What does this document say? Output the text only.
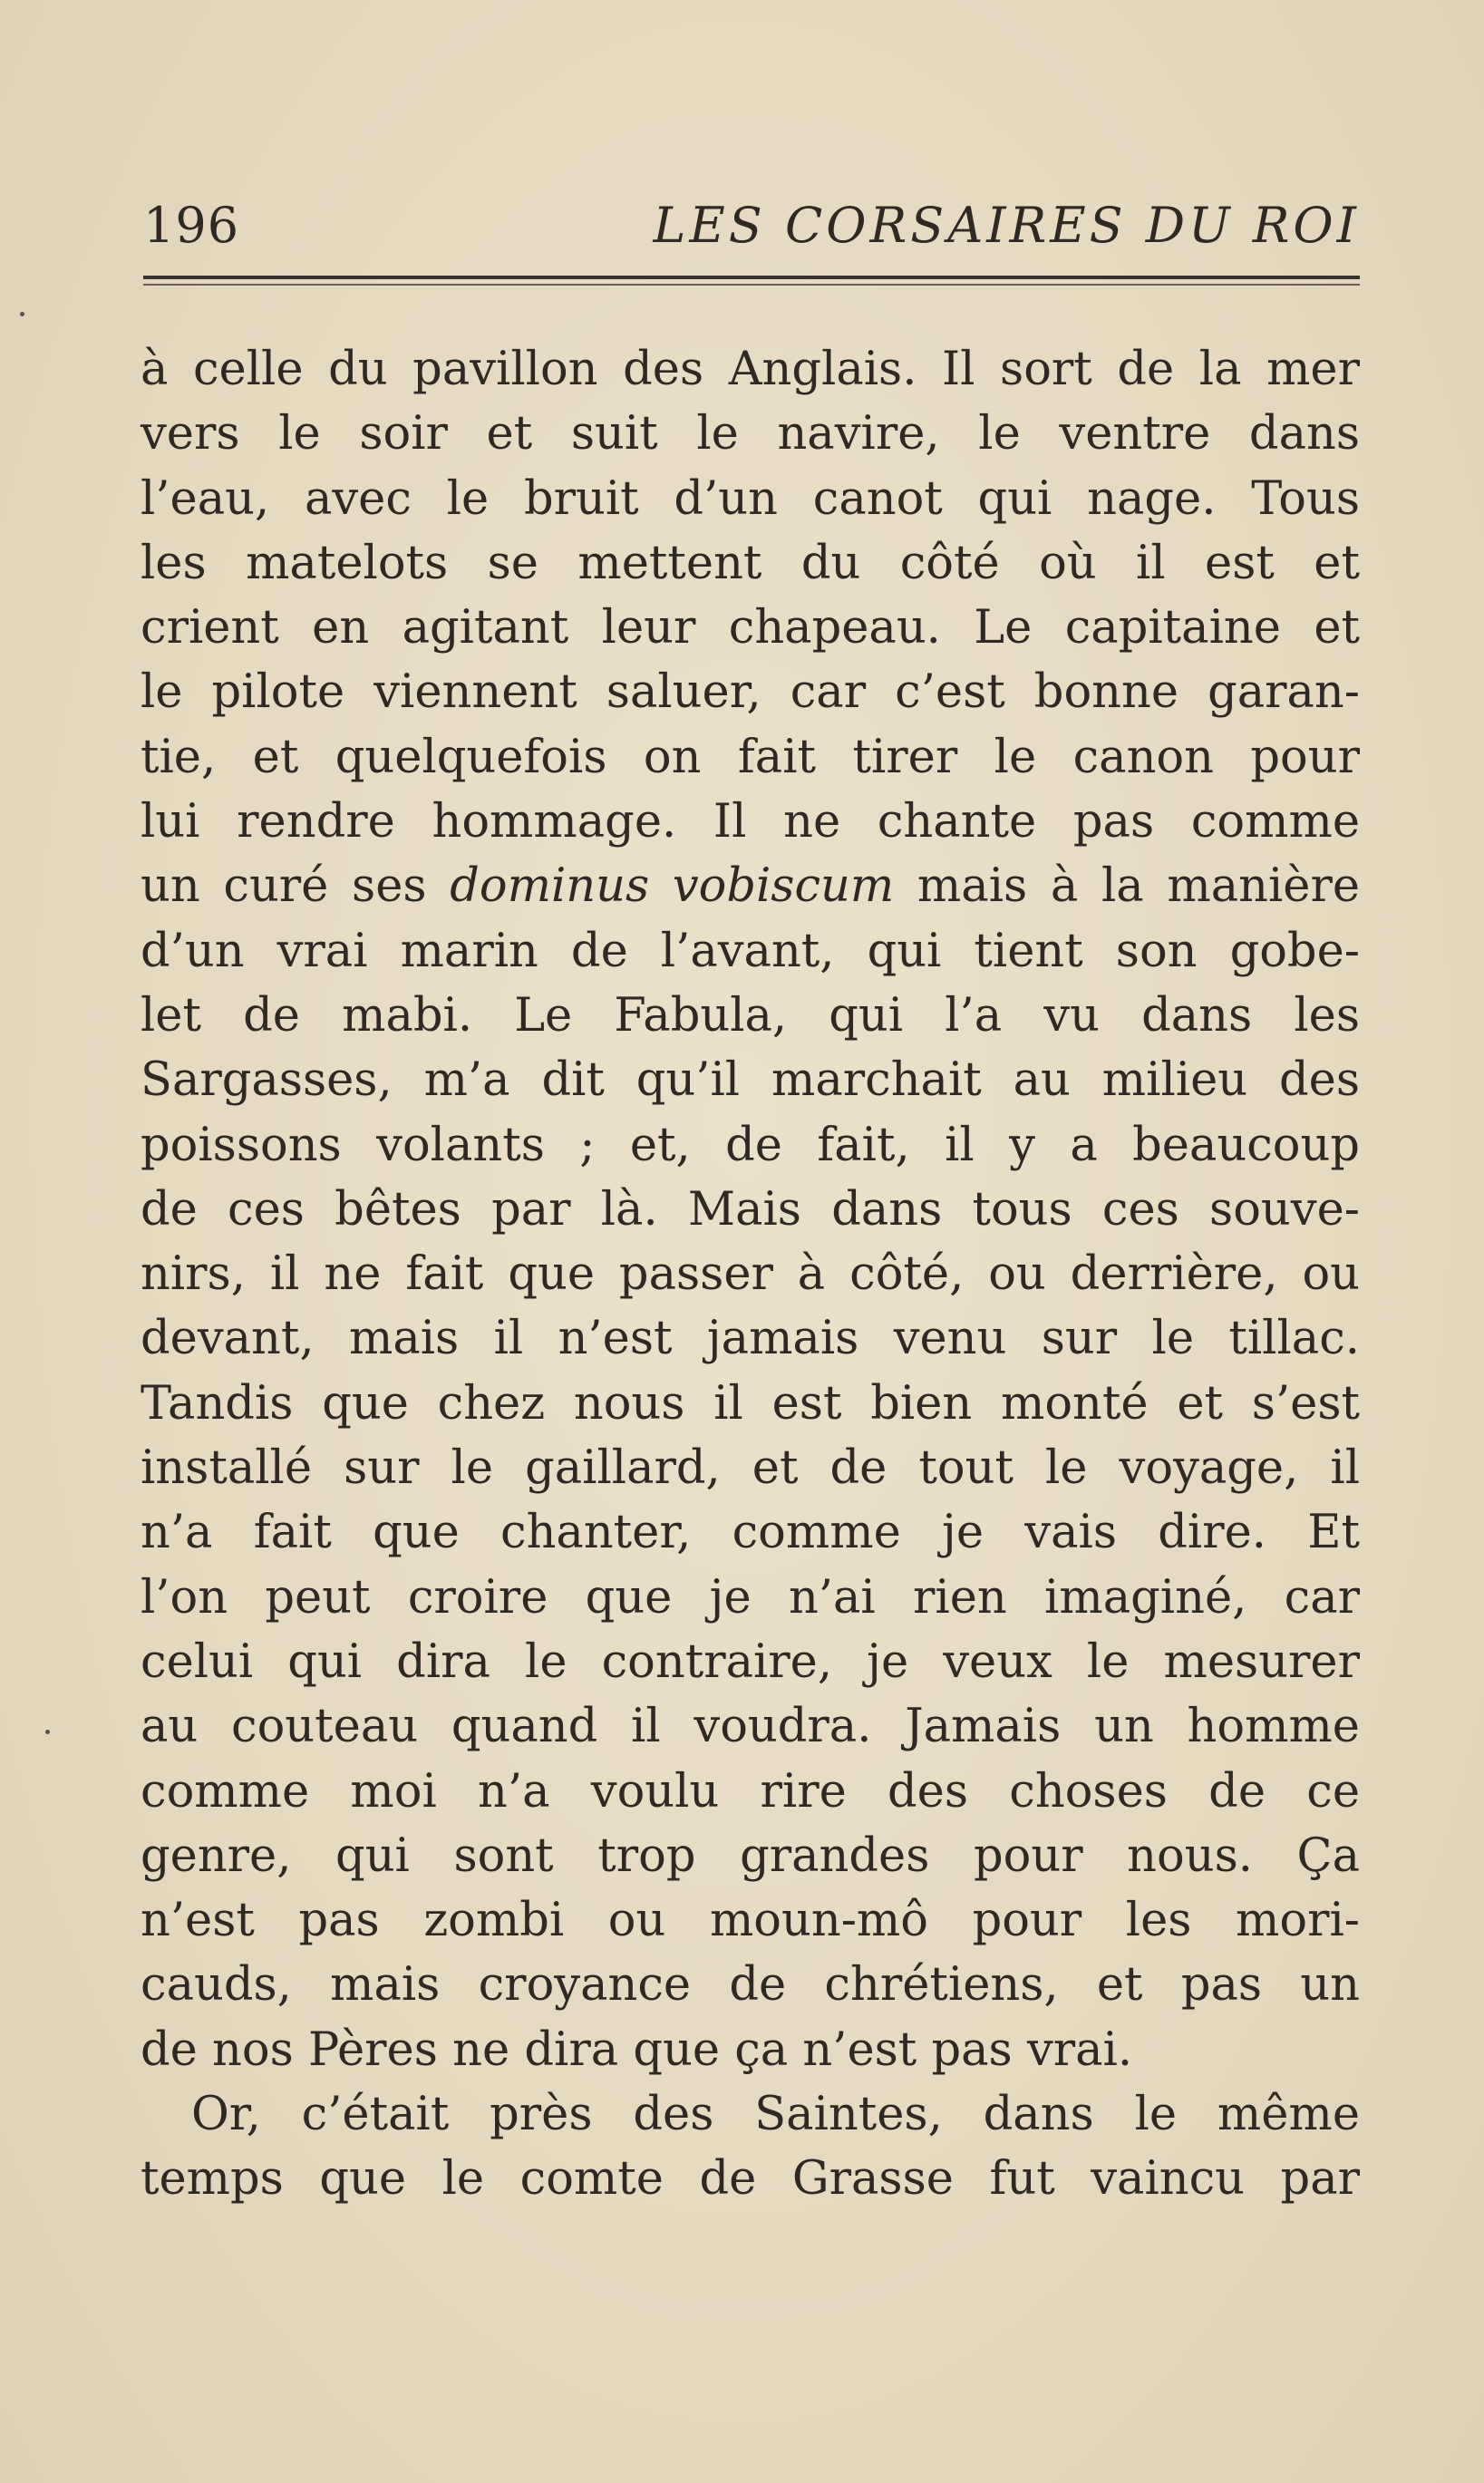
196	LES CORSAIRES DU ROI
à celle du pavillon des Anglais. Il sort de la mer
vers le soir et suit le navire, le ventre dans
l’eau, avec le bruit d’un canot qui nage. Tous
les matelots se mettent du côté où il est et
crient en agitant leur chapeau. Le capitaine et
le pilote viennent saluer, car c’est bonne garan-
tie, et quelquefois on fait tirer le canon pour
lui rendre hommage. Il ne chante pas comme
un curé ses dominus vobiscum mais à la manière
d’un vrai marin de l’avant, qui tient son gobe-
let de mabi. Le Fabula, qui l’a vu dans les
Sargasses, m’a dit qu’il marchait au milieu des
poissons volants ; et, de fait, il y a beaucoup
de ces bêtes par là. Mais dans tous ces souve-
nirs, il ne fait que passer à côté, ou derrière, ou
devant, mais il n’est jamais venu sur le tillac.
Tandis que chez nous il est bien monté et s’est
installé sur le gaillard, et de tout le voyage, il
n’a fait que chanter, comme je vais dire. Et
l’on peut croire que je n’ai rien imaginé, car
celui qui dira le contraire, je veux le mesurer
au couteau quand il voudra. Jamais un homme
comme moi n’a voulu rire des choses de ce
genre, qui sont trop grandes pour nous. Ça
n’est pas zombi ou moun-mô pour les mori-
cauds, mais croyance de chrétiens, et pas un
de nos Pères ne dira que ça n’est pas vrai.
Or, c’était près des Saintes, dans le même
temps que le comte de Grasse fut vaincu par
